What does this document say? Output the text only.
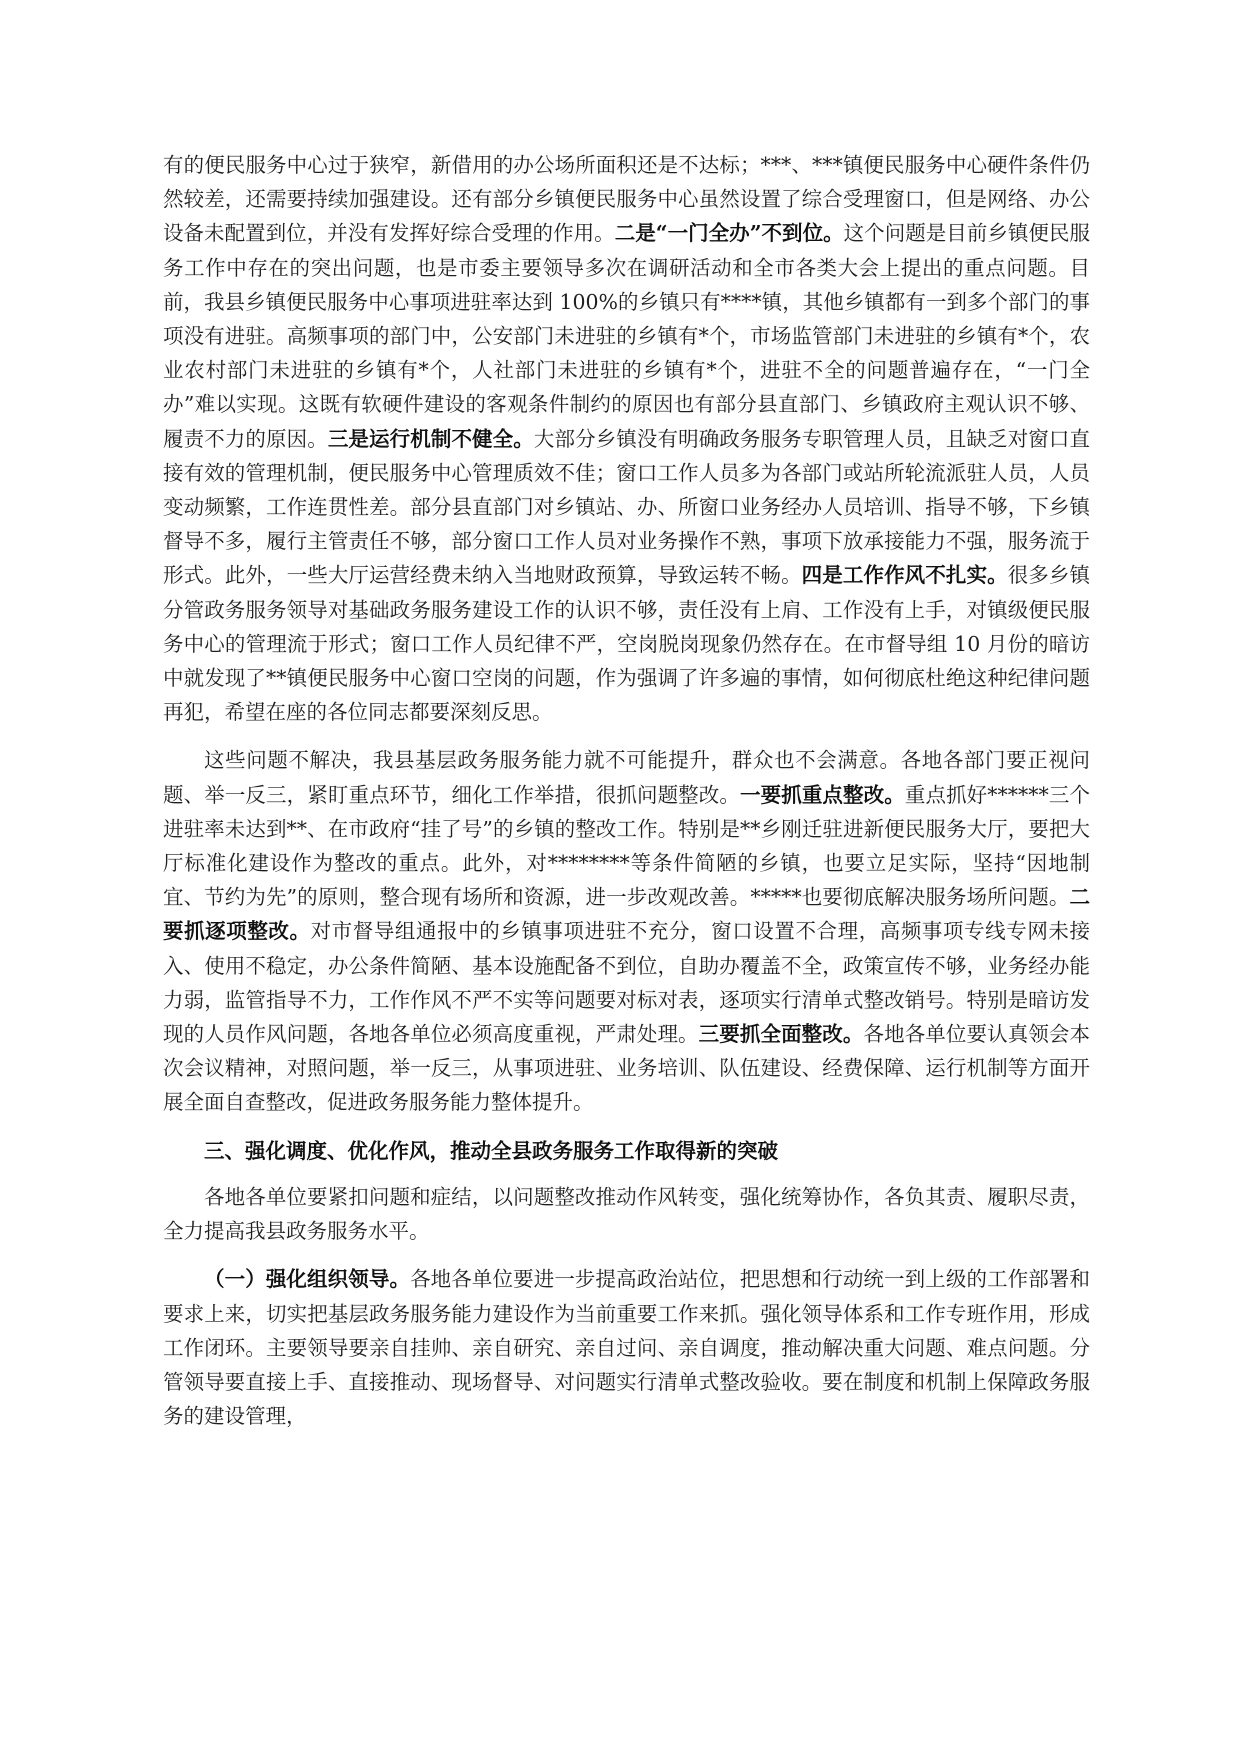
有的便民服务中心过于狭窄，新借用的办公场所面积还是不达标；***、***镇便民服务中心硬件条件仍然较差，还需要持续加强建设。还有部分乡镇便民服务中心虽然设置了综合受理窗口，但是网络、办公设备未配置到位，并没有发挥好综合受理的作用。二是“一门全办”不到位。这个问题是目前乡镇便民服务工作中存在的突出问题，也是市委主要领导多次在调研活动和全市各类大会上提出的重点问题。目前，我县乡镇便民服务中心事项进驻率达到 100%的乡镇只有****镇，其他乡镇都有一到多个部门的事项没有进驻。高频事项的部门中，公安部门未进驻的乡镇有*个，市场监管部门未进驻的乡镇有*个，农业农村部门未进驻的乡镇有*个，人社部门未进驻的乡镇有*个，进驻不全的问题普遍存在，“一门全办”难以实现。这既有软硬件建设的客观条件制约的原因也有部分县直部门、乡镇政府主观认识不够、履责不力的原因。三是运行机制不健全。大部分乡镇没有明确政务服务专职管理人员，且缺乏对窗口直接有效的管理机制，便民服务中心管理质效不佳；窗口工作人员多为各部门或站所轮流派驻人员，人员变动频繁，工作连贯性差。部分县直部门对乡镇站、办、所窗口业务经办人员培训、指导不够，下乡镇督导不多，履行主管责任不够，部分窗口工作人员对业务操作不熟，事项下放承接能力不强，服务流于形式。此外，一些大厅运营经费未纳入当地财政预算，导致运转不畅。四是工作作风不扎实。很多乡镇分管政务服务领导对基础政务服务建设工作的认识不够，责任没有上肩、工作没有上手，对镇级便民服务中心的管理流于形式；窗口工作人员纪律不严，空岗脱岗现象仍然存在。在市督导组 10 月份的暗访中就发现了**镇便民服务中心窗口空岗的问题，作为强调了许多遍的事情，如何彻底杜绝这种纪律问题再犯，希望在座的各位同志都要深刻反思。

这些问题不解决，我县基层政务服务能力就不可能提升，群众也不会满意。各地各部门要正视问题、举一反三，紧盯重点环节，细化工作举措，很抓问题整改。一要抓重点整改。重点抓好******三个进驻率未达到**、在市政府“挂了号”的乡镇的整改工作。特别是**乡刚迁驻进新便民服务大厅，要把大厅标准化建设作为整改的重点。此外，对********等条件简陋的乡镇，也要立足实际，坚持“因地制宜、节约为先”的原则，整合现有场所和资源，进一步改观改善。*****也要彻底解决服务场所问题。二要抓逐项整改。对市督导组通报中的乡镇事项进驻不充分，窗口设置不合理，高频事项专线专网未接入、使用不稳定，办公条件简陋、基本设施配备不到位，自助办覆盖不全，政策宣传不够，业务经办能力弱，监管指导不力，工作作风不严不实等问题要对标对表，逐项实行清单式整改销号。特别是暗访发现的人员作风问题，各地各单位必须高度重视，严肃处理。三要抓全面整改。各地各单位要认真领会本次会议精神，对照问题，举一反三，从事项进驻、业务培训、队伍建设、经费保障、运行机制等方面开展全面自查整改，促进政务服务能力整体提升。

三、强化调度、优化作风，推动全县政务服务工作取得新的突破

各地各单位要紧扣问题和症结，以问题整改推动作风转变，强化统筹协作，各负其责、履职尽责，全力提高我县政务服务水平。

（一）强化组织领导。各地各单位要进一步提高政治站位，把思想和行动统一到上级的工作部署和要求上来，切实把基层政务服务能力建设作为当前重要工作来抓。强化领导体系和工作专班作用，形成工作闭环。主要领导要亲自挂帅、亲自研究、亲自过问、亲自调度，推动解决重大问题、难点问题。分管领导要直接上手、直接推动、现场督导、对问题实行清单式整改验收。要在制度和机制上保障政务服务的建设管理，
